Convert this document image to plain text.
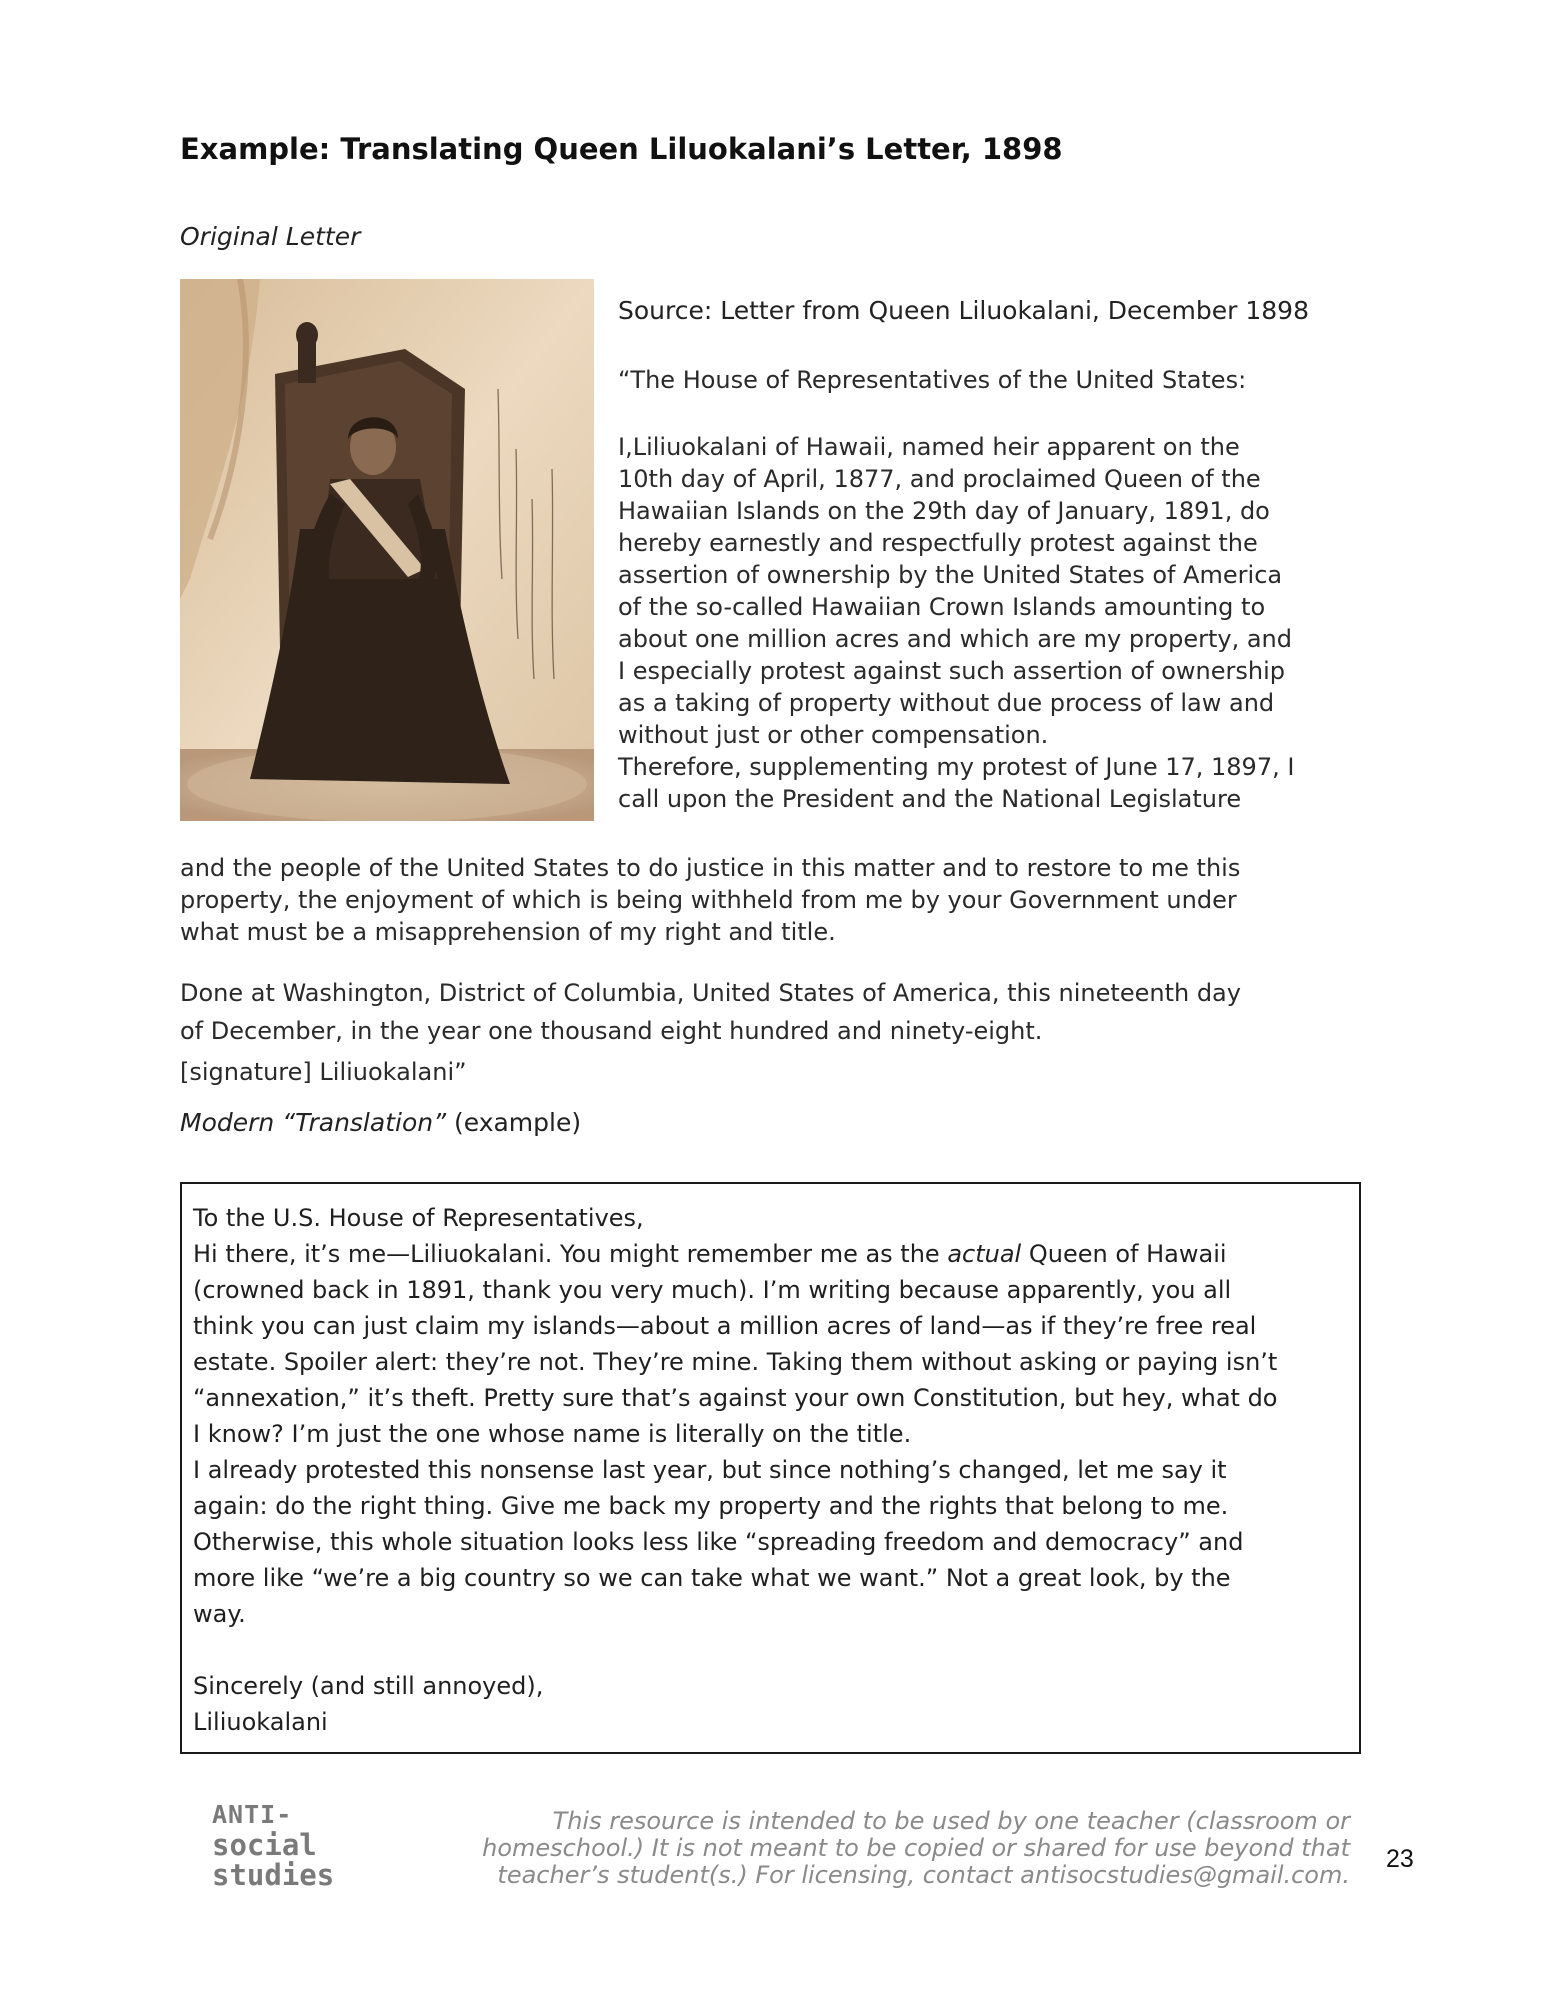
Example: Translating Queen Liluokalani’s Letter, 1898
Original Letter
Source: Letter from Queen Liluokalani, December 1898
“The House of Representatives of the United States:
I,Liliuokalani of Hawaii, named heir apparent on the
10th day of April, 1877, and proclaimed Queen of the
Hawaiian Islands on the 29th day of January, 1891, do
hereby earnestly and respectfully protest against the
assertion of ownership by the United States of America
of the so-called Hawaiian Crown Islands amounting to
about one million acres and which are my property, and
I especially protest against such assertion of ownership
as a taking of property without due process of law and
without just or other compensation.
Therefore, supplementing my protest of June 17, 1897, I
call upon the President and the National Legislature
and the people of the United States to do justice in this matter and to restore to me this
property, the enjoyment of which is being withheld from me by your Government under
what must be a misapprehension of my right and title.
Done at Washington, District of Columbia, United States of America, this nineteenth day
of December, in the year one thousand eight hundred and ninety-eight.
[signature] Liliuokalani”
Modern “Translation” (example)
To the U.S. House of Representatives,
Hi there, it’s me—Liliuokalani. You might remember me as the actual Queen of Hawaii
(crowned back in 1891, thank you very much). I’m writing because apparently, you all
think you can just claim my islands—about a million acres of land—as if they’re free real
estate. Spoiler alert: they’re not. They’re mine. Taking them without asking or paying isn’t
“annexation,” it’s theft. Pretty sure that’s against your own Constitution, but hey, what do
I know? I’m just the one whose name is literally on the title.
I already protested this nonsense last year, but since nothing’s changed, let me say it
again: do the right thing. Give me back my property and the rights that belong to me.
Otherwise, this whole situation looks less like “spreading freedom and democracy” and
more like “we’re a big country so we can take what we want.” Not a great look, by the
way.
Sincerely (and still annoyed),
Liliuokalani
ANTI-
social
studies
This resource is intended to be used by one teacher (classroom or
homeschool.) It is not meant to be copied or shared for use beyond that
teacher’s student(s.) For licensing, contact antisocstudies@gmail.com.
23
